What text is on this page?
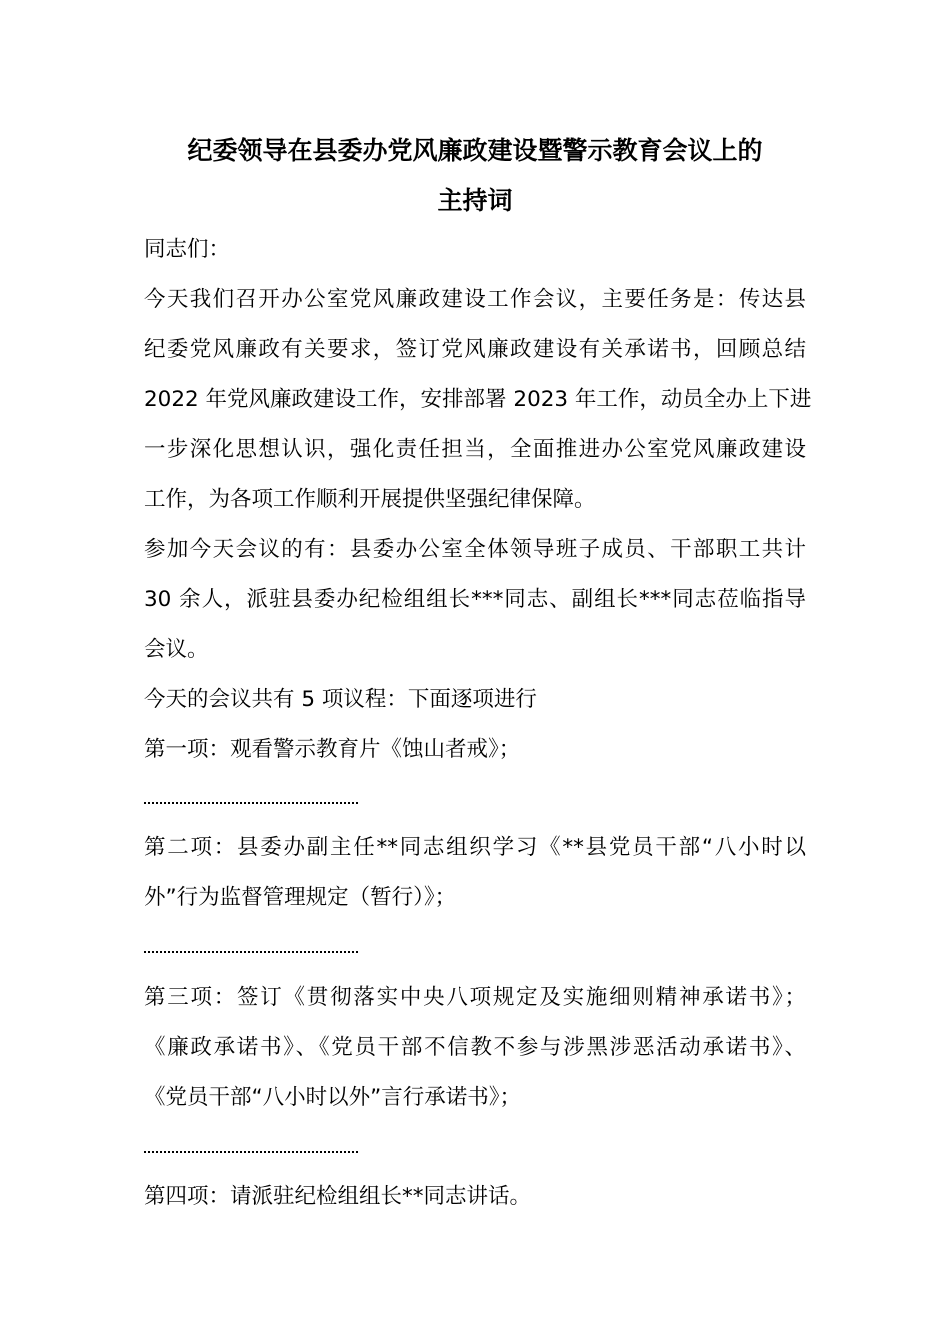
纪委领导在县委办党风廉政建设暨警示教育会议上的
主持词
同志们：
今天我们召开办公室党风廉政建设工作会议，主要任务是：传达县
纪委党风廉政有关要求，签订党风廉政建设有关承诺书，回顾总结
2022 年党风廉政建设工作，安排部署 2023 年工作，动员全办上下进
一步深化思想认识，强化责任担当，全面推进办公室党风廉政建设
工作，为各项工作顺利开展提供坚强纪律保障。
参加今天会议的有：县委办公室全体领导班子成员、干部职工共计
30 余人，派驻县委办纪检组组长***同志、副组长***同志莅临指导
会议。
今天的会议共有 5 项议程：下面逐项进行
第一项：观看警示教育片《蚀山者戒》；
第二项：县委办副主任**同志组织学习《**县党员干部“八小时以
外”行为监督管理规定（暂行）》；
第三项：签订《贯彻落实中央八项规定及实施细则精神承诺书》；
《廉政承诺书》、《党员干部不信教不参与涉黑涉恶活动承诺书》、
《党员干部“八小时以外”言行承诺书》；
第四项：请派驻纪检组组长**同志讲话。
